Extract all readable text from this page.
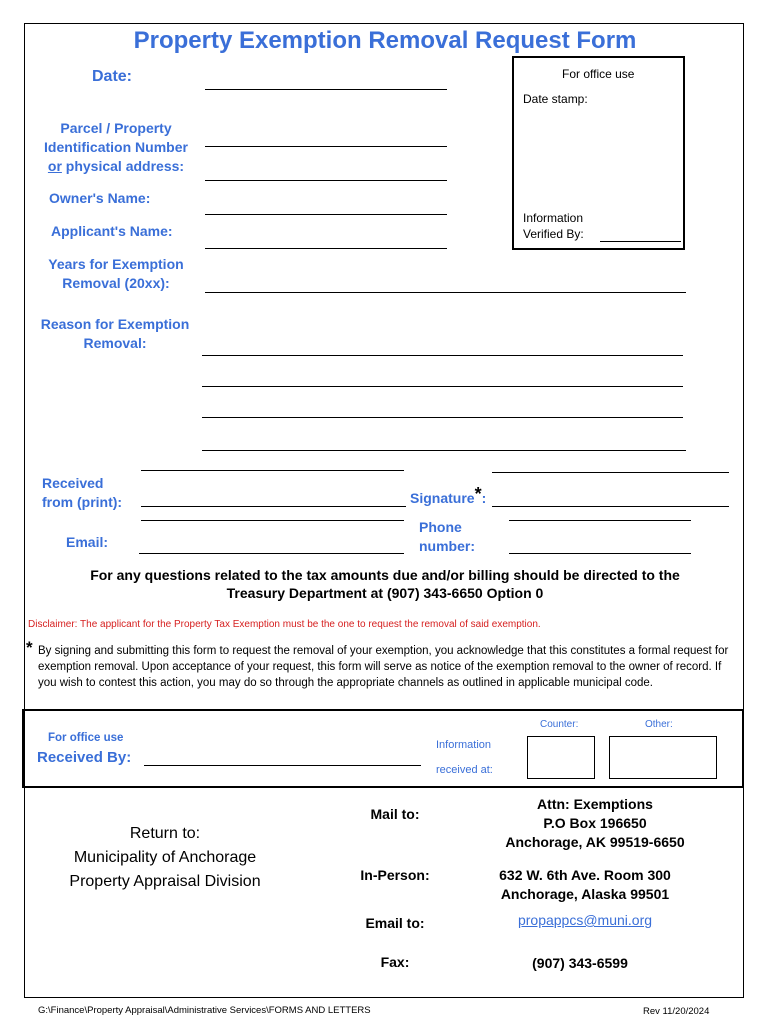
Property Exemption Removal Request Form
Date:
Parcel / Property
Identification Number
or physical address:
Owner's Name:
Applicant's Name:
For office use
Date stamp:
Information
Verified By:
Years for Exemption
Removal (20xx):
Reason for Exemption
Removal:
Received
from (print):	Signature*:
Phone
number:
Email:
For any questions related to the tax amounts due and/or billing should be directed to the
Treasury Department at (907) 343-6650 Option 0
Disclaimer: The applicant for the Property Tax Exemption must be the one to request the removal of said exemption.
* By signing and submitting this form to request the removal of your exemption, you acknowledge that this constitutes a formal request for exemption removal. Upon acceptance of your request, this form will serve as notice of the exemption removal to the owner of record. If you wish to contest this action, you may do so through the appropriate channels as outlined in applicable municipal code.
For office use
Received By:
Information
received at:
Counter:	Other:
Return to:
Municipality of Anchorage
Property Appraisal Division
Mail to:
Attn: Exemptions
P.O Box 196650
Anchorage, AK 99519-6650
In-Person:	632 W. 6th Ave. Room 300
Anchorage, Alaska 99501
Email to:	propappcs@muni.org
Fax:	(907) 343-6599
G:\Finance\Property Appraisal\Administrative Services\FORMS AND LETTERS	Rev 11/20/2024
